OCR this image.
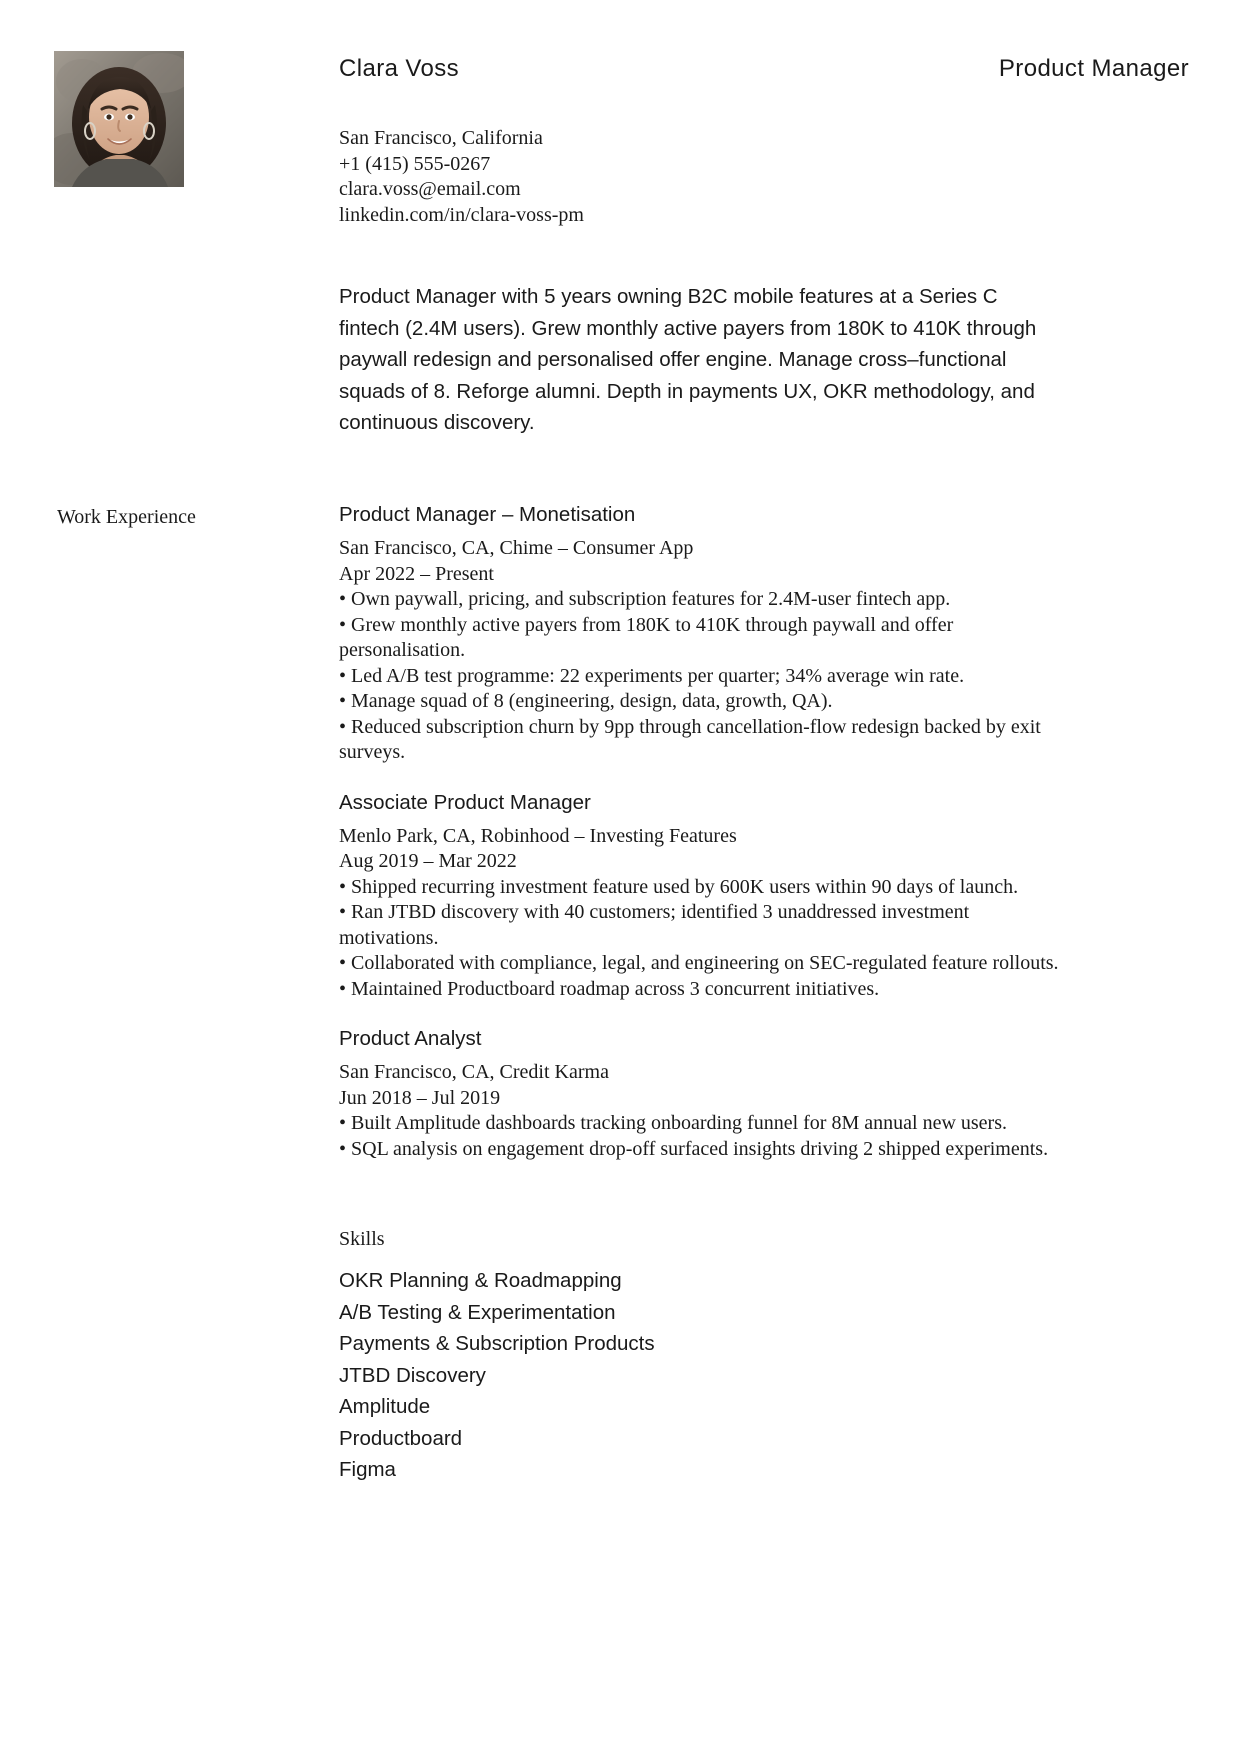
Clara Voss	Product Manager
San Francisco, California
+1 (415) 555-0267
clara.voss@email.com
linkedin.com/in/clara-voss-pm
Product Manager with 5 years owning B2C mobile features at a Series C fintech (2.4M users). Grew monthly active payers from 180K to 410K through paywall redesign and personalised offer engine. Manage cross–functional squads of 8. Reforge alumni. Depth in payments UX, OKR methodology, and continuous discovery.
Work Experience	Product Manager – Monetisation
San Francisco, CA, Chime – Consumer App
Apr 2022 – Present
• Own paywall, pricing, and subscription features for 2.4M-user fintech app.
• Grew monthly active payers from 180K to 410K through paywall and offer personalisation.
• Led A/B test programme: 22 experiments per quarter; 34% average win rate.
• Manage squad of 8 (engineering, design, data, growth, QA).
• Reduced subscription churn by 9pp through cancellation-flow redesign backed by exit surveys.
Associate Product Manager
Menlo Park, CA, Robinhood – Investing Features
Aug 2019 – Mar 2022
• Shipped recurring investment feature used by 600K users within 90 days of launch.
• Ran JTBD discovery with 40 customers; identified 3 unaddressed investment motivations.
• Collaborated with compliance, legal, and engineering on SEC-regulated feature rollouts.
• Maintained Productboard roadmap across 3 concurrent initiatives.
Product Analyst
San Francisco, CA, Credit Karma
Jun 2018 – Jul 2019
• Built Amplitude dashboards tracking onboarding funnel for 8M annual new users.
• SQL analysis on engagement drop-off surfaced insights driving 2 shipped experiments.
Skills
OKR Planning & Roadmapping
A/B Testing & Experimentation
Payments & Subscription Products
JTBD Discovery
Amplitude
Productboard
Figma
